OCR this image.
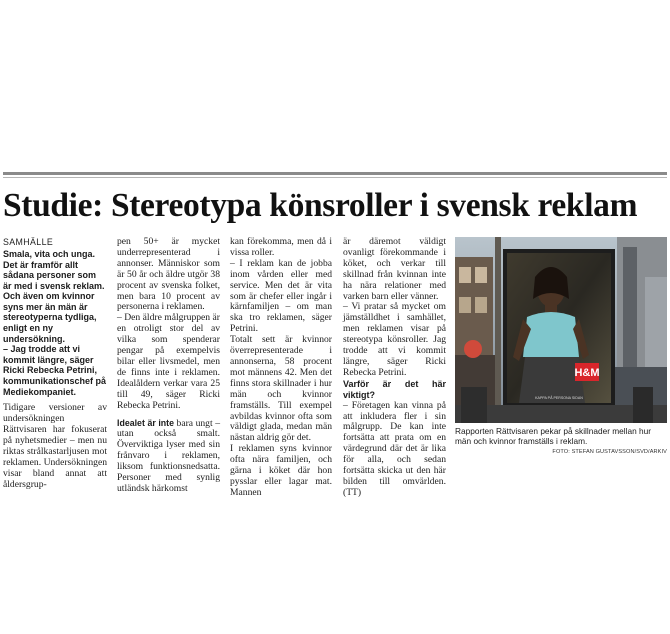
Studie: Stereotypa könsroller i svensk reklam
SAMHÄLLE
Smala, vita och unga. Det är framför allt sådana personer som är med i svensk reklam. Och även om kvinnor syns mer än män är stereotyperna tydliga, enligt en ny undersökning.
– Jag trodde att vi kommit längre, säger Ricki Rebecka Petrini, kommunikationschef på Mediekompaniet.

Tidigare versioner av undersökningen Rättvisaren har fokuserat på nyhetsmedier – men nu riktas strålkastarljusen mot reklamen. Undersökningen visar bland annat att åldersgrup-

pen 50+ är mycket underrepresenterad i annonser. Människor som är 50 år och äldre utgör 38 procent av svenska folket, men bara 10 procent av personerna i reklamen.

– Den äldre målgruppen är en otroligt stor del av vilka som spenderar pengar på exempelvis bilar eller livsmedel, men de finns inte i reklamen. Idealåldern verkar vara 25 till 49, säger Ricki Rebecka Petrini.

Idealet är inte bara ungt – utan också smalt. Överviktiga lyser med sin frånvaro i reklamen, liksom funktionsnedsatta. Personer med synlig utländsk härkomst

kan förekomma, men då i vissa roller.

– I reklam kan de jobba inom vården eller med service. Men det är vita som är chefer eller ingår i kärnfamiljen – om man ska tro reklamen, säger Petrini.

Totalt sett är kvinnor överrepresenterade i annonserna, 58 procent mot männens 42. Men det finns stora skillnader i hur män och kvinnor framställs. Till exempel avbildas kvinnor ofta som väldigt glada, medan män nästan aldrig gör det.

I reklamen syns kvinnor ofta nära familjen, och gärna i köket där hon pysslar eller lagar mat. Mannen

är däremot väldigt ovanligt förekommande i köket, och verkar till skillnad från kvinnan inte ha nära relationer med varken barn eller vänner.

– Vi pratar så mycket om jämställdhet i samhället, men reklamen visar på stereotypa könsroller. Jag trodde att vi kommit längre, säger Ricki Rebecka Petrini.

Varför är det här viktigt?

– Företagen kan vinna på att inkludera fler i sin målgrupp. De kan inte fortsätta att prata om en värdegrund där det är lika för alla, och sedan fortsätta skicka ut den här bilden till omvärlden. (TT)

H&M
KAPPA PÅ PERSONA SIDAN
Rapporten Rättvisaren pekar på skillnader mellan hur män och kvinnor framställs i reklam.
FOTO: STEFAN GUSTAVSSON/SVD/ARKIV
